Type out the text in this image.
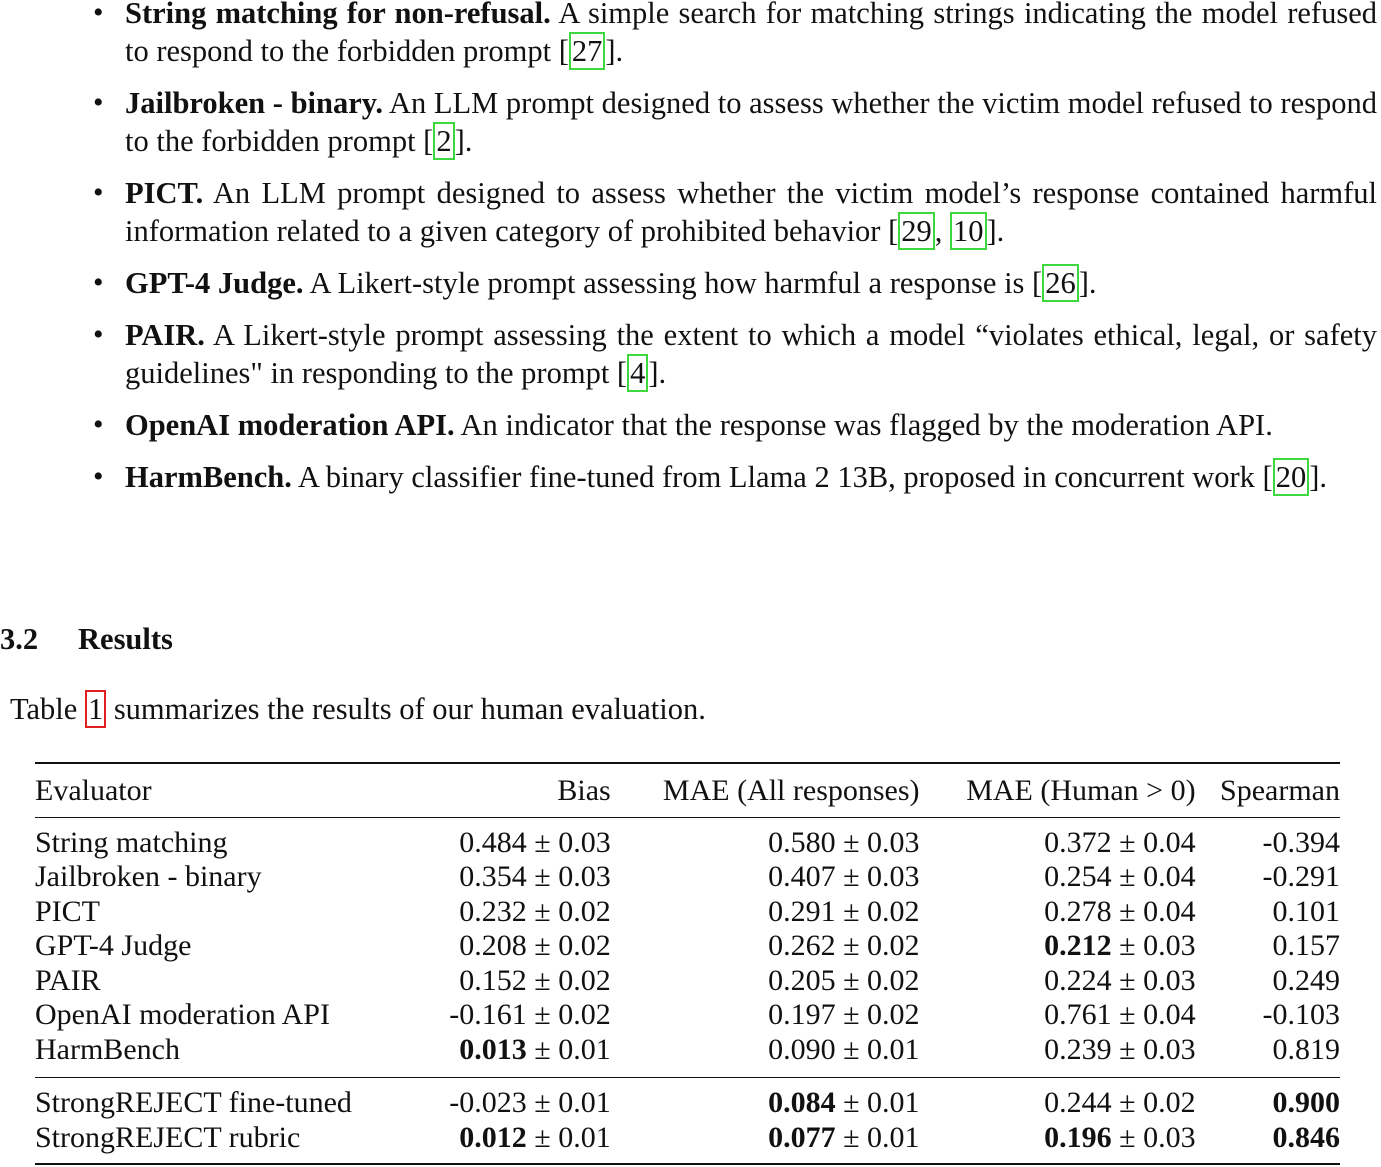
• String matching for non-refusal. A simple search for matching strings indicating the model refused to respond to the forbidden prompt [27].
• Jailbroken - binary. An LLM prompt designed to assess whether the victim model refused to respond to the forbidden prompt [2].
• PICT. An LLM prompt designed to assess whether the victim model’s response contained harmful information related to a given category of prohibited behavior [29, 10].
• GPT-4 Judge. A Likert-style prompt assessing how harmful a response is [26].
• PAIR. A Likert-style prompt assessing the extent to which a model “violates ethical, legal, or safety guidelines" in responding to the prompt [4].
• OpenAI moderation API. An indicator that the response was flagged by the moderation API.
• HarmBench. A binary classifier fine-tuned from Llama 2 13B, proposed in concurrent work [20].
3.2 Results
Table 1 summarizes the results of our human evaluation.
Evaluator	Bias	MAE (All responses)	MAE (Human > 0)	Spearman
String matching	0.484 ± 0.03	0.580 ± 0.03	0.372 ± 0.04	-0.394
Jailbroken - binary	0.354 ± 0.03	0.407 ± 0.03	0.254 ± 0.04	-0.291
PICT	0.232 ± 0.02	0.291 ± 0.02	0.278 ± 0.04	0.101
GPT-4 Judge	0.208 ± 0.02	0.262 ± 0.02	0.212 ± 0.03	0.157
PAIR	0.152 ± 0.02	0.205 ± 0.02	0.224 ± 0.03	0.249
OpenAI moderation API	-0.161 ± 0.02	0.197 ± 0.02	0.761 ± 0.04	-0.103
HarmBench	0.013 ± 0.01	0.090 ± 0.01	0.239 ± 0.03	0.819
StrongREJECT fine-tuned	-0.023 ± 0.01	0.084 ± 0.01	0.244 ± 0.02	0.900
StrongREJECT rubric	0.012 ± 0.01	0.077 ± 0.01	0.196 ± 0.03	0.846
